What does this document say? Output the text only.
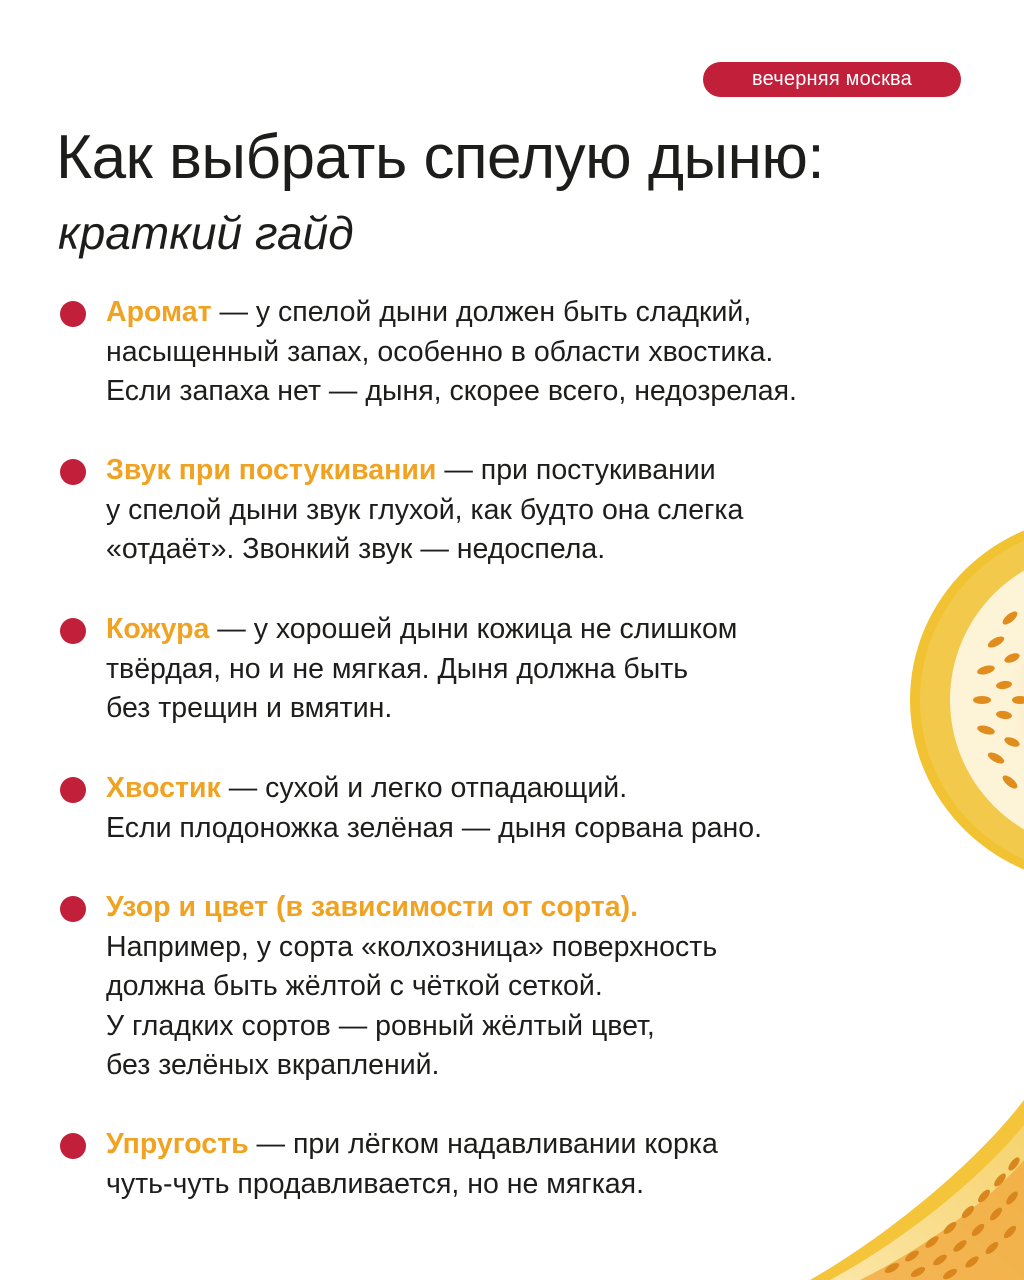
вечерняя москва
Как выбрать спелую дыню:

краткий гайд

Аромат — у спелой дыни должен быть сладкий,
насыщенный запах, особенно в области хвостика.
Если запаха нет — дыня, скорее всего, недозрелая.
Звук при постукивании — при постукивании
у спелой дыни звук глухой, как будто она слегка
«отдаёт». Звонкий звук — недоспела.
Кожура — у хорошей дыни кожица не слишком
твёрдая, но и не мягкая. Дыня должна быть
без трещин и вмятин.
Хвостик — сухой и легко отпадающий.
Если плодоножка зелёная — дыня сорвана рано.
Узор и цвет (в зависимости от сорта).
Например, у сорта «колхозница» поверхность
должна быть жёлтой с чёткой сеткой.
У гладких сортов — ровный жёлтый цвет,
без зелёных вкраплений.
Упругость — при лёгком надавливании корка
чуть-чуть продавливается, но не мягкая.
